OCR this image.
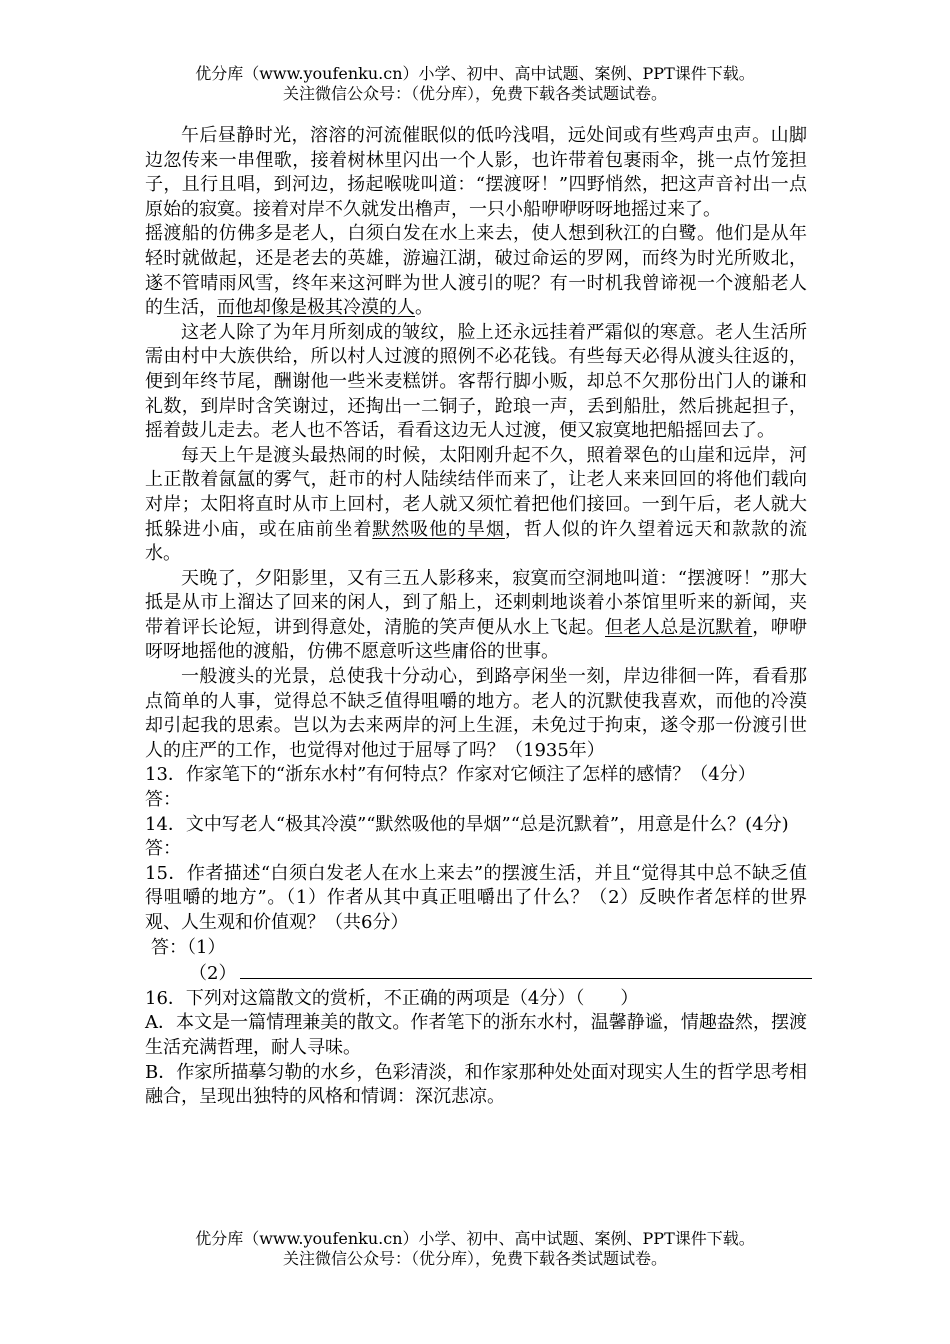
优分库（www.youfenku.cn）小学、初中、高中试题、案例、PPT课件下载。
关注微信公众号：（优分库），免费下载各类试题试卷。

午后昼静时光，溶溶的河流催眠似的低吟浅唱，远处间或有些鸡声虫声。山脚边忽传来一串俚歌，接着树林里闪出一个人影，也许带着包裹雨伞，挑一点竹笼担子，且行且唱，到河边，扬起喉咙叫道：“摆渡呀！”四野悄然，把这声音衬出一点原始的寂寞。接着对岸不久就发出橹声，一只小船咿咿呀呀地摇过来了。

摇渡船的仿佛多是老人，白须白发在水上来去，使人想到秋江的白鹭。他们是从年轻时就做起，还是老去的英雄，游遍江湖，破过命运的罗网，而终为时光所败北，遂不管晴雨风雪，终年来这河畔为世人渡引的呢？有一时机我曾谛视一个渡船老人的生活，而他却像是极其冷漠的人。

这老人除了为年月所刻成的皱纹，脸上还永远挂着严霜似的寒意。老人生活所需由村中大族供给，所以村人过渡的照例不必花钱。有些每天必得从渡头往返的，便到年终节尾，酬谢他一些米麦糕饼。客帮行脚小贩，却总不欠那份出门人的谦和礼数，到岸时含笑谢过，还掏出一二铜子，跄琅一声，丢到船肚，然后挑起担子，摇着鼓儿走去。老人也不答话，看看这边无人过渡，便又寂寞地把船摇回去了。

每天上午是渡头最热闹的时候，太阳刚升起不久，照着翠色的山崖和远岸，河上正散着氤氲的雾气，赶市的村人陆续结伴而来了，让老人来来回回的将他们载向对岸；太阳将直时从市上回村，老人就又须忙着把他们接回。一到午后，老人就大抵躲进小庙，或在庙前坐着默然吸他的旱烟，哲人似的许久望着远天和款款的流水。

天晚了，夕阳影里，又有三五人影移来，寂寞而空洞地叫道：“摆渡呀！”那大抵是从市上溜达了回来的闲人，到了船上，还剌剌地谈着小茶馆里听来的新闻，夹带着评长论短，讲到得意处，清脆的笑声便从水上飞起。但老人总是沉默着，咿咿呀呀地摇他的渡船，仿佛不愿意听这些庸俗的世事。

一般渡头的光景，总使我十分动心，到路亭闲坐一刻，岸边徘徊一阵，看看那点简单的人事，觉得总不缺乏值得咀嚼的地方。老人的沉默使我喜欢，而他的冷漠却引起我的思索。岂以为去来两岸的河上生涯，未免过于拘束，遂令那一份渡引世人的庄严的工作，也觉得对他过于屈辱了吗？（1935年）

13．作家笔下的“浙东水村”有何特点？作家对它倾注了怎样的感情？（4分）

答：

14．文中写老人“极其冷漠”“默然吸他的旱烟”“总是沉默着”，用意是什么？(4分)

答：

15．作者描述“白须白发老人在水上来去”的摆渡生活，并且“觉得其中总不缺乏值得咀嚼的地方”。（1）作者从其中真正咀嚼出了什么？（2）反映作者怎样的世界观、人生观和价值观？（共6分）

答：（1）

（2）

16．下列对这篇散文的赏析，不正确的两项是（4分）（　　）

A．本文是一篇情理兼美的散文。作者笔下的浙东水村，温馨静谧，情趣盎然，摆渡生活充满哲理，耐人寻味。

B．作家所描摹匀勒的水乡，色彩清淡，和作家那种处处面对现实人生的哲学思考相融合，呈现出独特的风格和情调：深沉悲凉。

优分库（www.youfenku.cn）小学、初中、高中试题、案例、PPT课件下载。
关注微信公众号：（优分库），免费下载各类试题试卷。
